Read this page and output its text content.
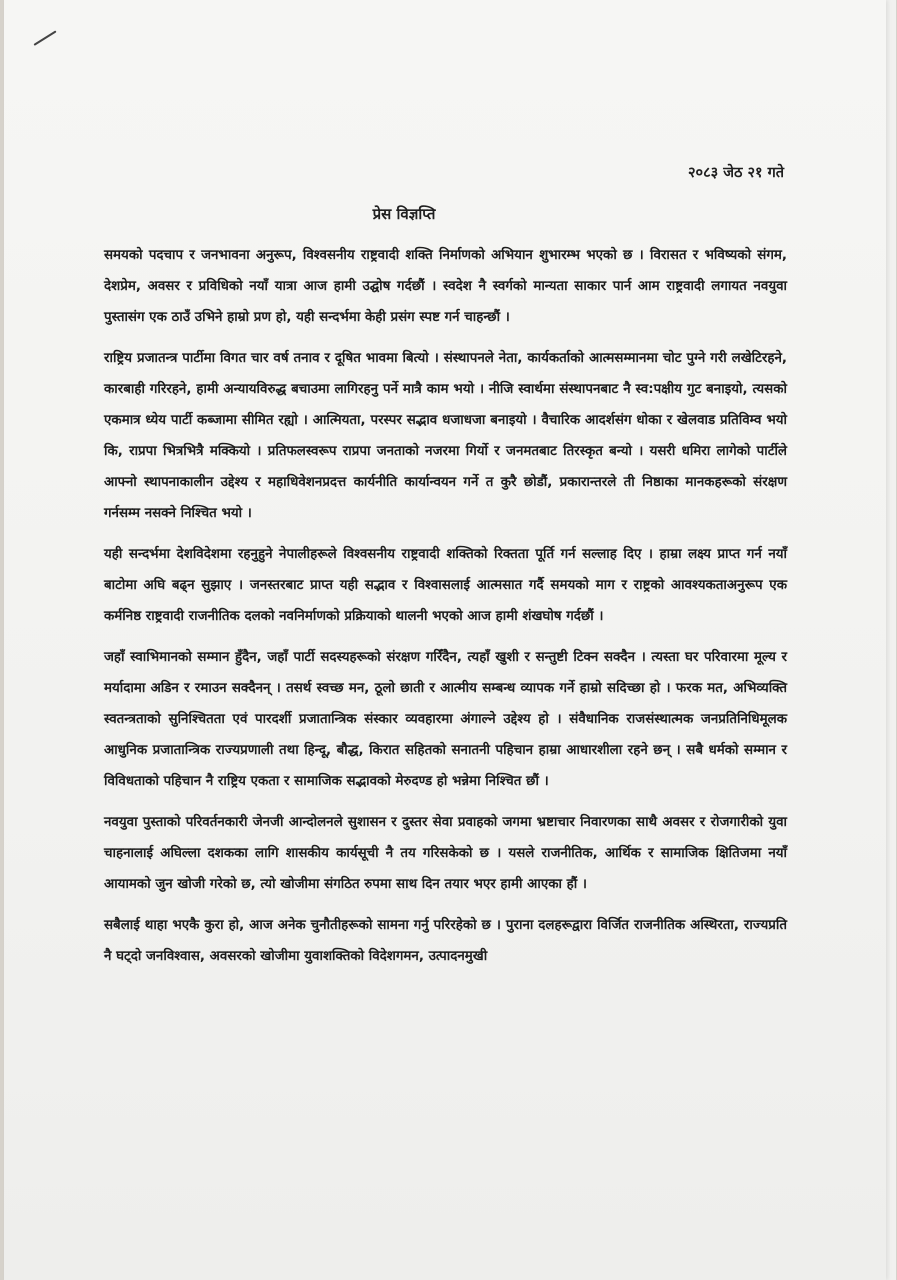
२०८३ जेठ २१ गते
प्रेस विज्ञप्ति

समयको पदचाप र जनभावना अनुरूप, विश्वसनीय राष्ट्रवादी शक्ति निर्माणको अभियान शुभारम्भ भएको छ । विरासत र भविष्यको संगम, देशप्रेम, अवसर र प्रविधिको नयाँ यात्रा आज हामी उद्घोष गर्दछौं । स्वदेश नै स्वर्गको मान्यता साकार पार्न आम राष्ट्रवादी लगायत नवयुवा पुस्तासंग एक ठाउँ उभिने हाम्रो प्रण हो, यही सन्दर्भमा केही प्रसंग स्पष्ट गर्न चाहन्छौं ।

राष्ट्रिय प्रजातन्त्र पार्टीमा विगत चार वर्ष तनाव र दूषित भावमा बित्यो । संस्थापनले नेता, कार्यकर्ताको आत्मसम्मानमा चोट पुग्ने गरी लखेटिरहने, कारबाही गरिरहने, हामी अन्यायविरुद्ध बचाउमा लागिरहनु पर्ने मात्रै काम भयो । नीजि स्वार्थमा संस्थापनबाट नै स्व:पक्षीय गुट बनाइयो, त्यसको एकमात्र ध्येय पार्टी कब्जामा सीमित रह्यो । आत्मियता, परस्पर सद्भाव धजाधजा बनाइयो । वैचारिक आदर्शसंग धोका र खेलवाड प्रतिविम्व भयो कि, राप्रपा भित्रभित्रै मक्कियो । प्रतिफलस्वरूप राप्रपा जनताको नजरमा गिर्यो र जनमतबाट तिरस्कृत बन्यो । यसरी धमिरा लागेको पार्टीले आफ्नो स्थापनाकालीन उद्देश्य र महाधिवेशनप्रदत्त कार्यनीति कार्यान्वयन गर्ने त कुरै छोडौं, प्रकारान्तरले ती निष्ठाका मानकहरूको संरक्षण गर्नसम्म नसक्ने निश्चित भयो ।

यही सन्दर्भमा देशविदेशमा रहनुहुने नेपालीहरूले विश्वसनीय राष्ट्रवादी शक्तिको रिक्तता पूर्ति गर्न सल्लाह दिए । हाम्रा लक्ष्य प्राप्त गर्न नयाँ बाटोमा अघि बढ्न सुझाए । जनस्तरबाट प्राप्त यही सद्भाव र विश्वासलाई आत्मसात गर्दै समयको माग र राष्ट्रको आवश्यकताअनुरूप एक कर्मनिष्ठ राष्ट्रवादी राजनीतिक दलको नवनिर्माणको प्रक्रियाको थालनी भएको आज हामी शंखघोष गर्दछौं ।

जहाँ स्वाभिमानको सम्मान हुँदैन, जहाँ पार्टी सदस्यहरूको संरक्षण गरिँदैन, त्यहाँ खुशी र सन्तुष्टी टिक्न सक्दैन । त्यस्ता घर परिवारमा मूल्य र मर्यादामा अडिन र रमाउन सक्दैनन् । तसर्थ स्वच्छ मन, ठूलो छाती र आत्मीय सम्बन्ध व्यापक गर्ने हाम्रो सदिच्छा हो । फरक मत, अभिव्यक्ति स्वतन्त्रताको सुनिश्चितता एवं पारदर्शी प्रजातान्त्रिक संस्कार व्यवहारमा अंगाल्ने उद्देश्य हो । संवैधानिक राजसंस्थात्मक जनप्रतिनिधिमूलक आधुनिक प्रजातान्त्रिक राज्यप्रणाली तथा हिन्दू, बौद्ध, किरात सहितको सनातनी पहिचान हाम्रा आधारशीला रहने छन् । सबै धर्मको सम्मान र विविधताको पहिचान नै राष्ट्रिय एकता र सामाजिक सद्भावको मेरुदण्ड हो भन्नेमा निश्चित छौं ।

नवयुवा पुस्ताको परिवर्तनकारी जेनजी आन्दोलनले सुशासन र दुस्तर सेवा प्रवाहको जगमा भ्रष्टाचार निवारणका साथै अवसर र रोजगारीको युवा चाहनालाई अघिल्ला दशकका लागि शासकीय कार्यसूची नै तय गरिसकेको छ । यसले राजनीतिक, आर्थिक र सामाजिक क्षितिजमा नयाँ आयामको जुन खोजी गरेको छ, त्यो खोजीमा संगठित रुपमा साथ दिन तयार भएर हामी आएका हौं ।

सबैलाई थाहा भएकै कुरा हो, आज अनेक चुनौतीहरूको सामना गर्नु परिरहेको छ । पुराना दलहरूद्वारा विर्जित राजनीतिक अस्थिरता, राज्यप्रति नै घट्दो जनविश्वास, अवसरको खोजीमा युवाशक्तिको विदेशगमन, उत्पादनमुखी
